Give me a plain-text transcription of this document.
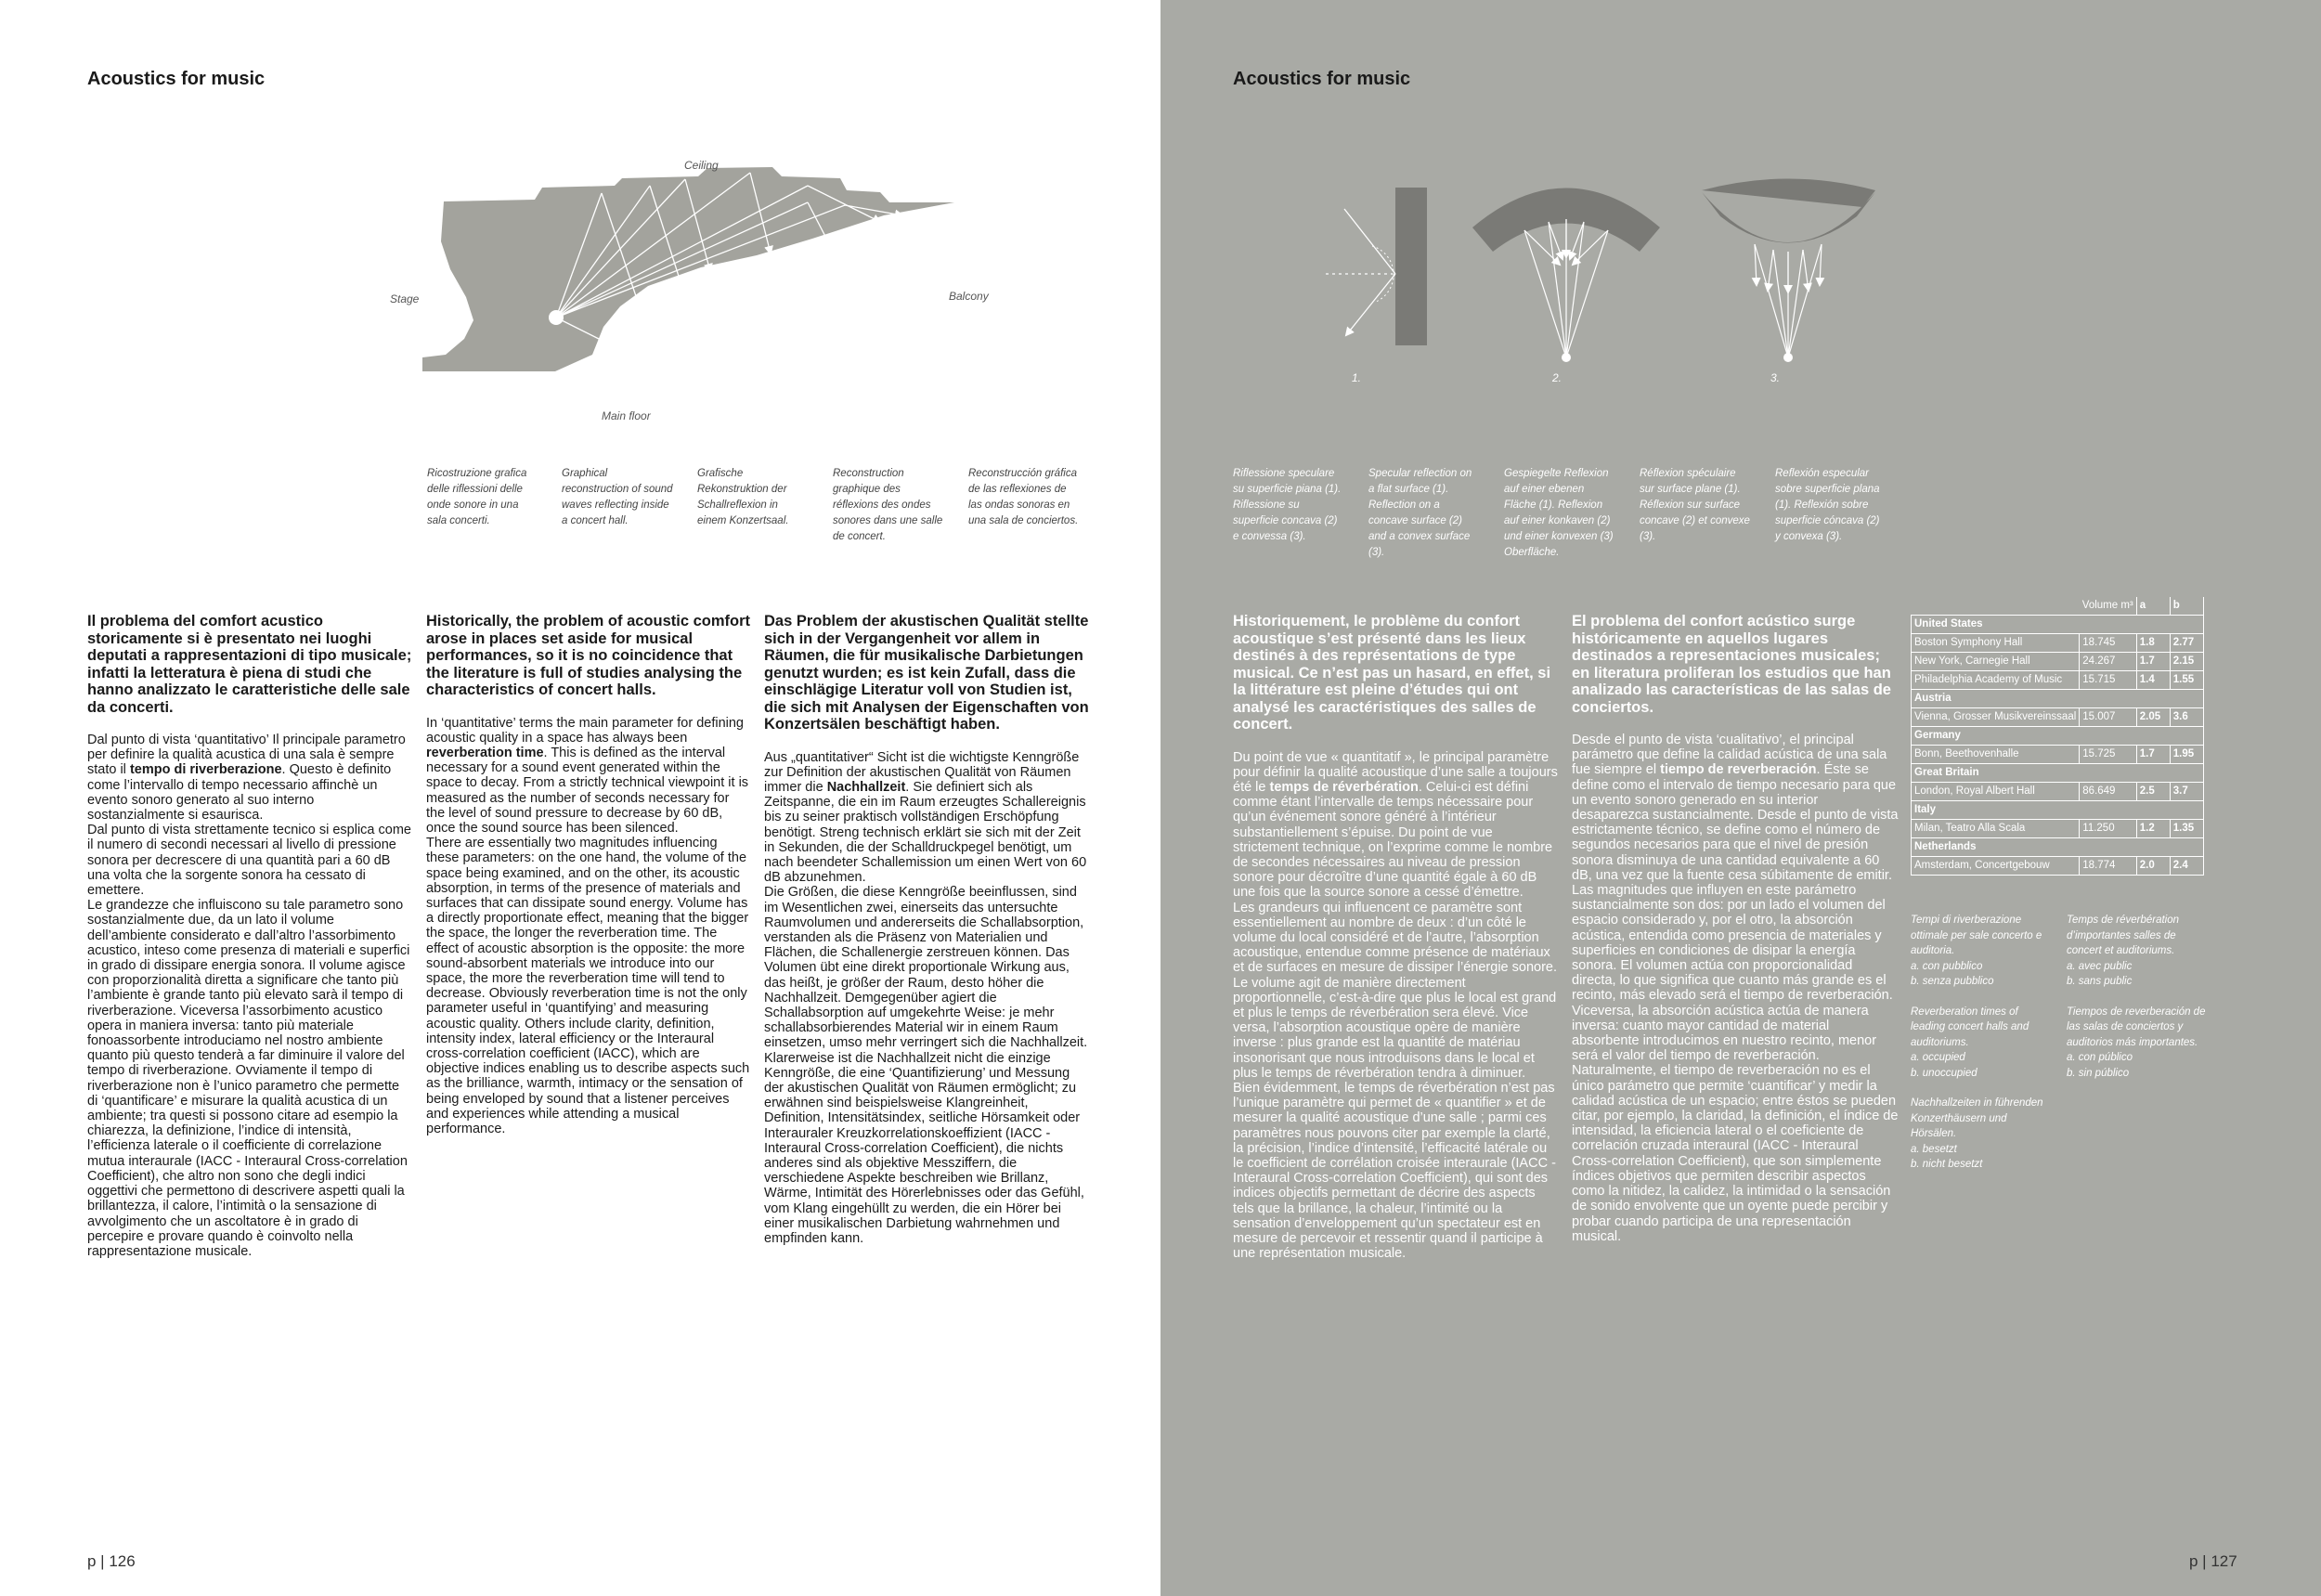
Acoustics for music
Ceiling
Stage	Balcony
Main floor
Ricostruzione grafica delle riflessioni delle onde sonore in una sala concerti.
Graphical reconstruction of sound waves reflecting inside a concert hall.
Grafische Rekonstruktion der Schallreflexion in einem Konzertsaal.
Reconstruction graphique des réflexions des ondes sonores dans une salle de concert.
Reconstrucción gráfica de las reflexiones de las ondas sonoras en una sala de conciertos.
Il problema del comfort acustico storicamente si è presentato nei luoghi deputati a rappresentazioni di tipo musicale; infatti la letteratura è piena di studi che hanno analizzato le caratteristiche delle sale da concerti.

Dal punto di vista ‘quantitativo’ Il principale parametro per definire la qualità acustica di una sala è sempre stato il tempo di riverberazione. Questo è definito come l’intervallo di tempo necessario affinchè un evento sonoro generato al suo interno sostanzialmente si esaurisca.

Dal punto di vista strettamente tecnico si esplica come il numero di secondi necessari al livello di pressione sonora per decrescere di una quantità pari a 60 dB una volta che la sorgente sonora ha cessato di emettere.

Le grandezze che influiscono su tale parametro sono sostanzialmente due, da un lato il volume dell’ambiente considerato e dall’altro l’assorbimento acustico, inteso come presenza di materiali e superfici in grado di dissipare energia sonora. Il volume agisce con proporzionalità diretta a significare che tanto più l’ambiente è grande tanto più elevato sarà il tempo di riverberazione. Viceversa l’assorbimento acustico opera in maniera inversa: tanto più materiale fonoassorbente introduciamo nel nostro ambiente quanto più questo tenderà a far diminuire il valore del tempo di riverberazione. Ovviamente il tempo di riverberazione non è l’unico parametro che permette di ‘quantificare’ e misurare la qualità acustica di un ambiente; tra questi si possono citare ad esempio la chiarezza, la definizione, l’indice di intensità, l’efficienza laterale o il coefficiente di correlazione mutua interaurale (IACC - Interaural Cross-correlation Coefficient), che altro non sono che degli indici oggettivi che permettono di descrivere aspetti quali la brillantezza, il calore, l’intimità o la sensazione di avvolgimento che un ascoltatore è in grado di percepire e provare quando è coinvolto nella rappresentazione musicale.

Historically, the problem of acoustic comfort arose in places set aside for musical performances, so it is no coincidence that the literature is full of studies analysing the characteristics of concert halls.

In ‘quantitative’ terms the main parameter for defining acoustic quality in a space has always been reverberation time. This is defined as the interval necessary for a sound event generated within the space to decay. From a strictly technical viewpoint it is measured as the number of seconds necessary for the level of sound pressure to decrease by 60 dB, once the sound source has been silenced.

There are essentially two magnitudes influencing these parameters: on the one hand, the volume of the space being examined, and on the other, its acoustic absorption, in terms of the presence of materials and surfaces that can dissipate sound energy. Volume has a directly proportionate effect, meaning that the bigger the space, the longer the reverberation time. The effect of acoustic absorption is the opposite: the more sound-absorbent materials we introduce into our space, the more the reverberation time will tend to decrease. Obviously reverberation time is not the only parameter useful in ‘quantifying’ and measuring acoustic quality. Others include clarity, definition, intensity index, lateral efficiency or the Interaural cross-correlation coefficient (IACC), which are objective indices enabling us to describe aspects such as the brilliance, warmth, intimacy or the sensation of being enveloped by sound that a listener perceives and experiences while attending a musical performance.

Das Problem der akustischen Qualität stellte sich in der Vergangenheit vor allem in Räumen, die für musikalische Darbietungen genutzt wurden; es ist kein Zufall, dass die einschlägige Literatur voll von Studien ist, die sich mit Analysen der Eigenschaften von Konzertsälen beschäftigt haben.

Aus „quantitativer“ Sicht ist die wichtigste Kenngröße zur Definition der akustischen Qualität von Räumen immer die Nachhallzeit. Sie definiert sich als Zeitspanne, die ein im Raum erzeugtes Schallereignis bis zu seiner praktisch vollständigen Erschöpfung benötigt. Streng technisch erklärt sie sich mit der Zeit in Sekunden, die der Schalldruckpegel benötigt, um nach beendeter Schallemission um einen Wert von 60 dB abzunehmen.

Die Größen, die diese Kenngröße beeinflussen, sind im Wesentlichen zwei, einerseits das untersuchte Raumvolumen und andererseits die Schallabsorption, verstanden als die Präsenz von Materialien und Flächen, die Schallenergie zerstreuen können. Das Volumen übt eine direkt proportionale Wirkung aus, das heißt, je größer der Raum, desto höher die Nachhallzeit. Demgegenüber agiert die Schallabsorption auf umgekehrte Weise: je mehr schallabsorbierendes Material wir in einem Raum einsetzen, umso mehr verringert sich die Nachhallzeit.

Klarerweise ist die Nachhallzeit nicht die einzige Kenngröße, die eine ‘Quantifizierung’ und Messung der akustischen Qualität von Räumen ermöglicht; zu erwähnen sind beispielsweise Klangreinheit, Definition, Intensitätsindex, seitliche Hörsamkeit oder Interauraler Kreuzkorrelationskoeffizient (IACC - Interaural Cross-correlation Coefficient), die nichts anderes sind als objektive Messziffern, die verschiedene Aspekte beschreiben wie Brillanz, Wärme, Intimität des Hörerlebnisses oder das Gefühl, vom Klang eingehüllt zu werden, die ein Hörer bei einer musikalischen Darbietung wahrnehmen und empfinden kann.

p | 126
Acoustics for music
1.	2.	3.
Riflessione speculare su superficie piana (1). Riflessione su superficie concava (2) e convessa (3).
Specular reflection on a flat surface (1). Reflection on a concave surface (2) and a convex surface (3).
Gespiegelte Reflexion auf einer ebenen Fläche (1). Reflexion auf einer konkaven (2) und einer konvexen (3) Oberfläche.
Réflexion spéculaire sur surface plane (1). Réflexion sur surface concave (2) et convexe (3).
Reflexión especular sobre superficie plana (1). Reflexión sobre superficie cóncava (2) y convexa (3).
Historiquement, le problème du confort acoustique s’est présenté dans les lieux destinés à des représentations de type musical. Ce n’est pas un hasard, en effet, si la littérature est pleine d’études qui ont analysé les caractéristiques des salles de concert.

Du point de vue « quantitatif », le principal paramètre pour définir la qualité acoustique d’une salle a toujours été le temps de réverbération. Celui-ci est défini comme étant l’intervalle de temps nécessaire pour qu’un événement sonore généré à l’intérieur substantiellement s’épuise. Du point de vue strictement technique, on l’exprime comme le nombre de secondes nécessaires au niveau de pression sonore pour décroître d’une quantité égale à 60 dB une fois que la source sonore a cessé d’émettre.

Les grandeurs qui influencent ce paramètre sont essentiellement au nombre de deux : d’un côté le volume du local considéré et de l’autre, l’absorption acoustique, entendue comme présence de matériaux et de surfaces en mesure de dissiper l’énergie sonore. Le volume agit de manière directement proportionnelle, c’est-à-dire que plus le local est grand et plus le temps de réverbération sera élevé. Vice versa, l’absorption acoustique opère de manière inverse : plus grande est la quantité de matériau insonorisant que nous introduisons dans le local et plus le temps de réverbération tendra à diminuer.

Bien évidemment, le temps de réverbération n’est pas l’unique paramètre qui permet de « quantifier » et de mesurer la qualité acoustique d’une salle ; parmi ces paramètres nous pouvons citer par exemple la clarté, la précision, l’indice d’intensité, l’efficacité latérale ou le coefficient de corrélation croisée interaurale (IACC - Interaural Cross-correlation Coefficient), qui sont des indices objectifs permettant de décrire des aspects tels que la brillance, la chaleur, l’intimité ou la sensation d’enveloppement qu’un spectateur est en mesure de percevoir et ressentir quand il participe à une représentation musicale.

El problema del confort acústico surge históricamente en aquellos lugares destinados a representaciones musicales; en literatura proliferan los estudios que han analizado las características de las salas de conciertos.

Desde el punto de vista ‘cualitativo’, el principal parámetro que define la calidad acústica de una sala fue siempre el tiempo de reverberación. Éste se define como el intervalo de tiempo necesario para que un evento sonoro generado en su interior desaparezca sustancialmente. Desde el punto de vista estrictamente técnico, se define como el número de segundos necesarios para que el nivel de presión sonora disminuya de una cantidad equivalente a 60 dB, una vez que la fuente cesa súbitamente de emitir.

Las magnitudes que influyen en este parámetro sustancialmente son dos: por un lado el volumen del espacio considerado y, por el otro, la absorción acústica, entendida como presencia de materiales y superficies en condiciones de disipar la energía sonora. El volumen actúa con proporcionalidad directa, lo que significa que cuanto más grande es el recinto, más elevado será el tiempo de reverberación. Viceversa, la absorción acústica actúa de manera inversa: cuanto mayor cantidad de material absorbente introducimos en nuestro recinto, menor será el valor del tiempo de reverberación.

Naturalmente, el tiempo de reverberación no es el único parámetro que permite ‘cuantificar’ y medir la calidad acústica de un espacio; entre éstos se pueden citar, por ejemplo, la claridad, la definición, el índice de intensidad, la eficiencia lateral o el coeficiente de correlación cruzada interaural (IACC - Interaural Cross-correlation Coefficient), que son simplemente índices objetivos que permiten describir aspectos como la nitidez, la calidez, la intimidad o la sensación de sonido envolvente que un oyente puede percibir y probar cuando participa de una representación musical.

p | 127
	Volume m³	a	b
United States			
Boston Symphony Hall	18.745	1.8	2.77
New York, Carnegie Hall	24.267	1.7	2.15
Philadelphia Academy of Music	15.715	1.4	1.55
Austria			
Vienna, Grosser Musikvereinssaal	15.007	2.05	3.6
Germany			
Bonn, Beethovenhalle	15.725	1.7	1.95
Great Britain			
London, Royal Albert Hall	86.649	2.5	3.7
Italy			
Milan, Teatro Alla Scala	11.250	1.2	1.35
Netherlands			
Amsterdam, Concertgebouw	18.774	2.0	2.4

Tempi di riverberazione ottimale per sale concerto e auditoria.
a. con pubblico
b. senza pubblico

Reverberation times of leading concert halls and auditoriums.
a. occupied
b. unoccupied

Nachhallzeiten in führenden Konzerthäusern und Hörsälen.
a. besetzt
b. nicht besetzt

Temps de réverbération d’importantes salles de concert et auditoriums.
a. avec public
b. sans public

Tiempos de reverberación de las salas de conciertos y auditorios más importantes.
a. con público
b. sin público
